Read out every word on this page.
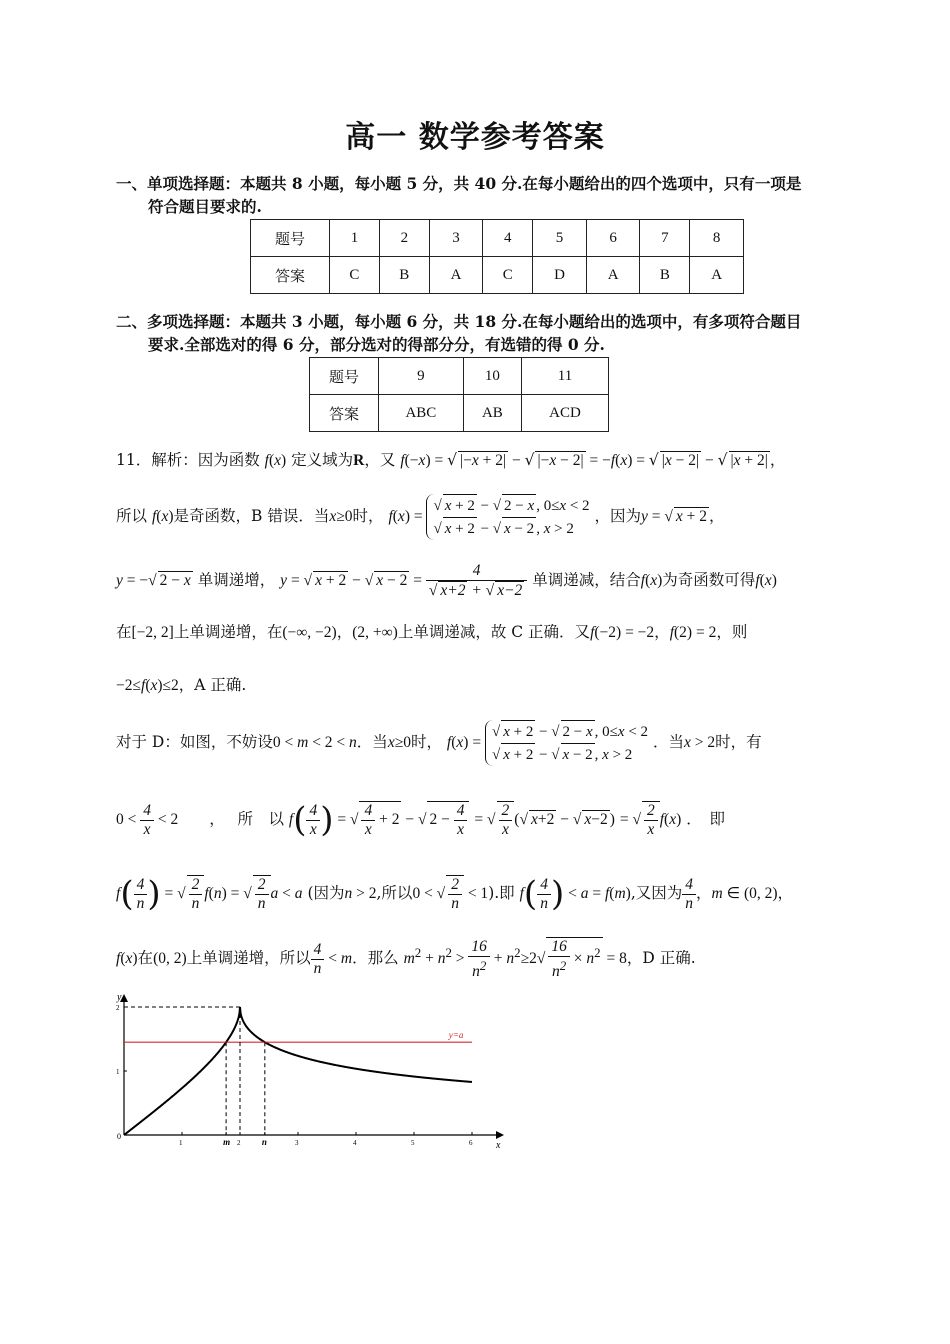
高一 数学参考答案
一、单项选择题：本题共 8 小题，每小题 5 分，共 40 分.在每小题给出的四个选项中，只有一项是
符合题目要求的.
题号	1	2	3	4	5	6	7	8
答案	C	B	A	C	D	A	B	A
二、多项选择题：本题共 3 小题，每小题 6 分，共 18 分.在每小题给出的选项中，有多项符合题目
要求.全部选对的得 6 分，部分选对的得部分分，有选错的得 0 分.
题号	9	10	11
答案	ABC	AB	ACD
11．解析：因为函数 f(x) 定义域为R，又 f(−x) = √ |−x + 2| − √ |−x − 2| = −f(x) = √ |x − 2| − √ |x + 2| ，
所以 f(x)是奇函数，B 错误．当x≥0时， f(x) =
√ x + 2 − √ 2 − x , 0≤x < 2
√ x + 2 − √ x − 2 , x > 2
，因为y = √ x + 2 ，
y = −√ 2 − x 单调递增， y = √ x + 2 − √ $x - 2 = \frac{4}{√ x+2 + √ x-2}$ 单调递减，结合f(x)为奇函数可得f(x)
在[−2, 2]上单调递增，在(−∞, −2)，(2, +∞)上单调递减，故 C 正确．又f(−2) = −2，f(2) = 2，则
−2≤f(x)≤2，A 正确.
对于 D：如图，不妨设0 < m < 2 < n．当x≥0时， f(x) =
√ x + 2 − √ 2 − x , 0≤x < 2
√ x + 2 − √ x − 2 , x > 2
．当x > 2时，有
$0 < \frac{4}{x} < 2$　　，　 所　以 $f( \frac{4}{x}$ ) = √ $\frac{4}{x} + 2$ − √ $2 - \frac{4}{x}$ = √ $\frac{2}{x}$ (√ x+2 − √ x−2 ) = √ $\frac{2}{x} f(x)$ ．　即
$f( \frac{4}{n}$ ) = √ $\frac{2}{n} f(n)$ = √ $\frac{2}{n}$ a < a (因为n > 2,所以0 < √ $\frac{2}{n} < 1$).即 $f( \frac{4}{n}$ ) < a = f(m),又因为 $\frac{4}{n}$ ，m ∈ (0, 2)，
f(x)在(0, 2)上单调递增，所以 $\frac{4}{n} < m$．那么 $m^2 + n^2 > \frac{16}{n^2} + n^2\ge 2√ \frac{16}{n^2} \times n^2 = 8$，D 正确.
x
y
0
1	m 2 n	3	4	5	6
1
2
y=a
